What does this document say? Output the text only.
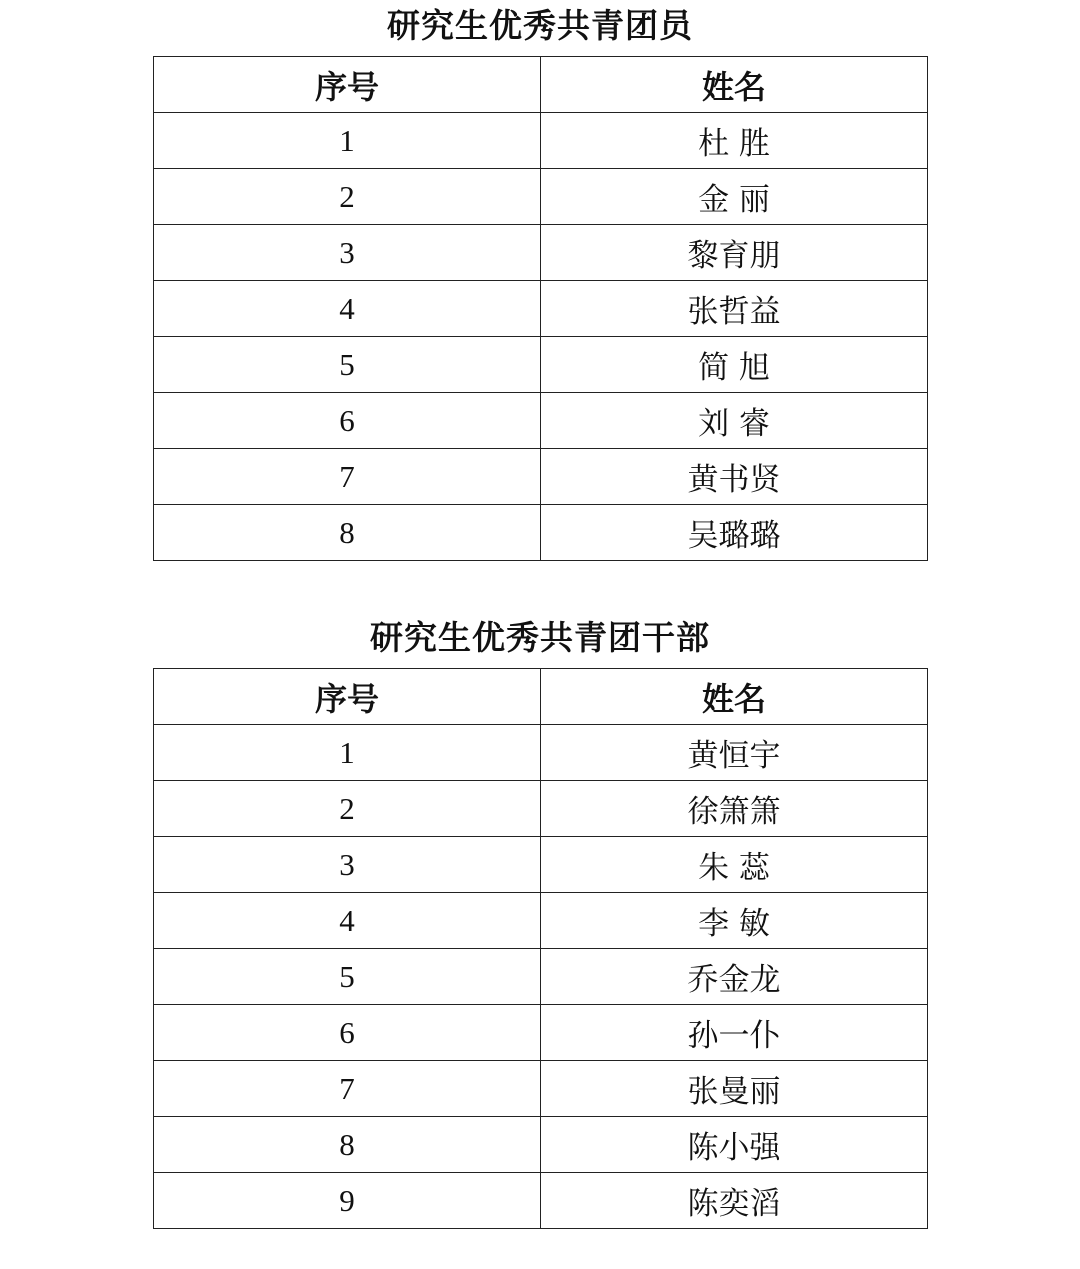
研究生优秀共青团员
序号	姓名
1	杜 胜
2	金 丽
3	黎育朋
4	张哲益
5	简 旭
6	刘 睿
7	黄书贤
8	吴璐璐
研究生优秀共青团干部
序号	姓名
1	黄恒宇
2	徐箫箫
3	朱 蕊
4	李 敏
5	乔金龙
6	孙一仆
7	张曼丽
8	陈小强
9	陈奕滔
